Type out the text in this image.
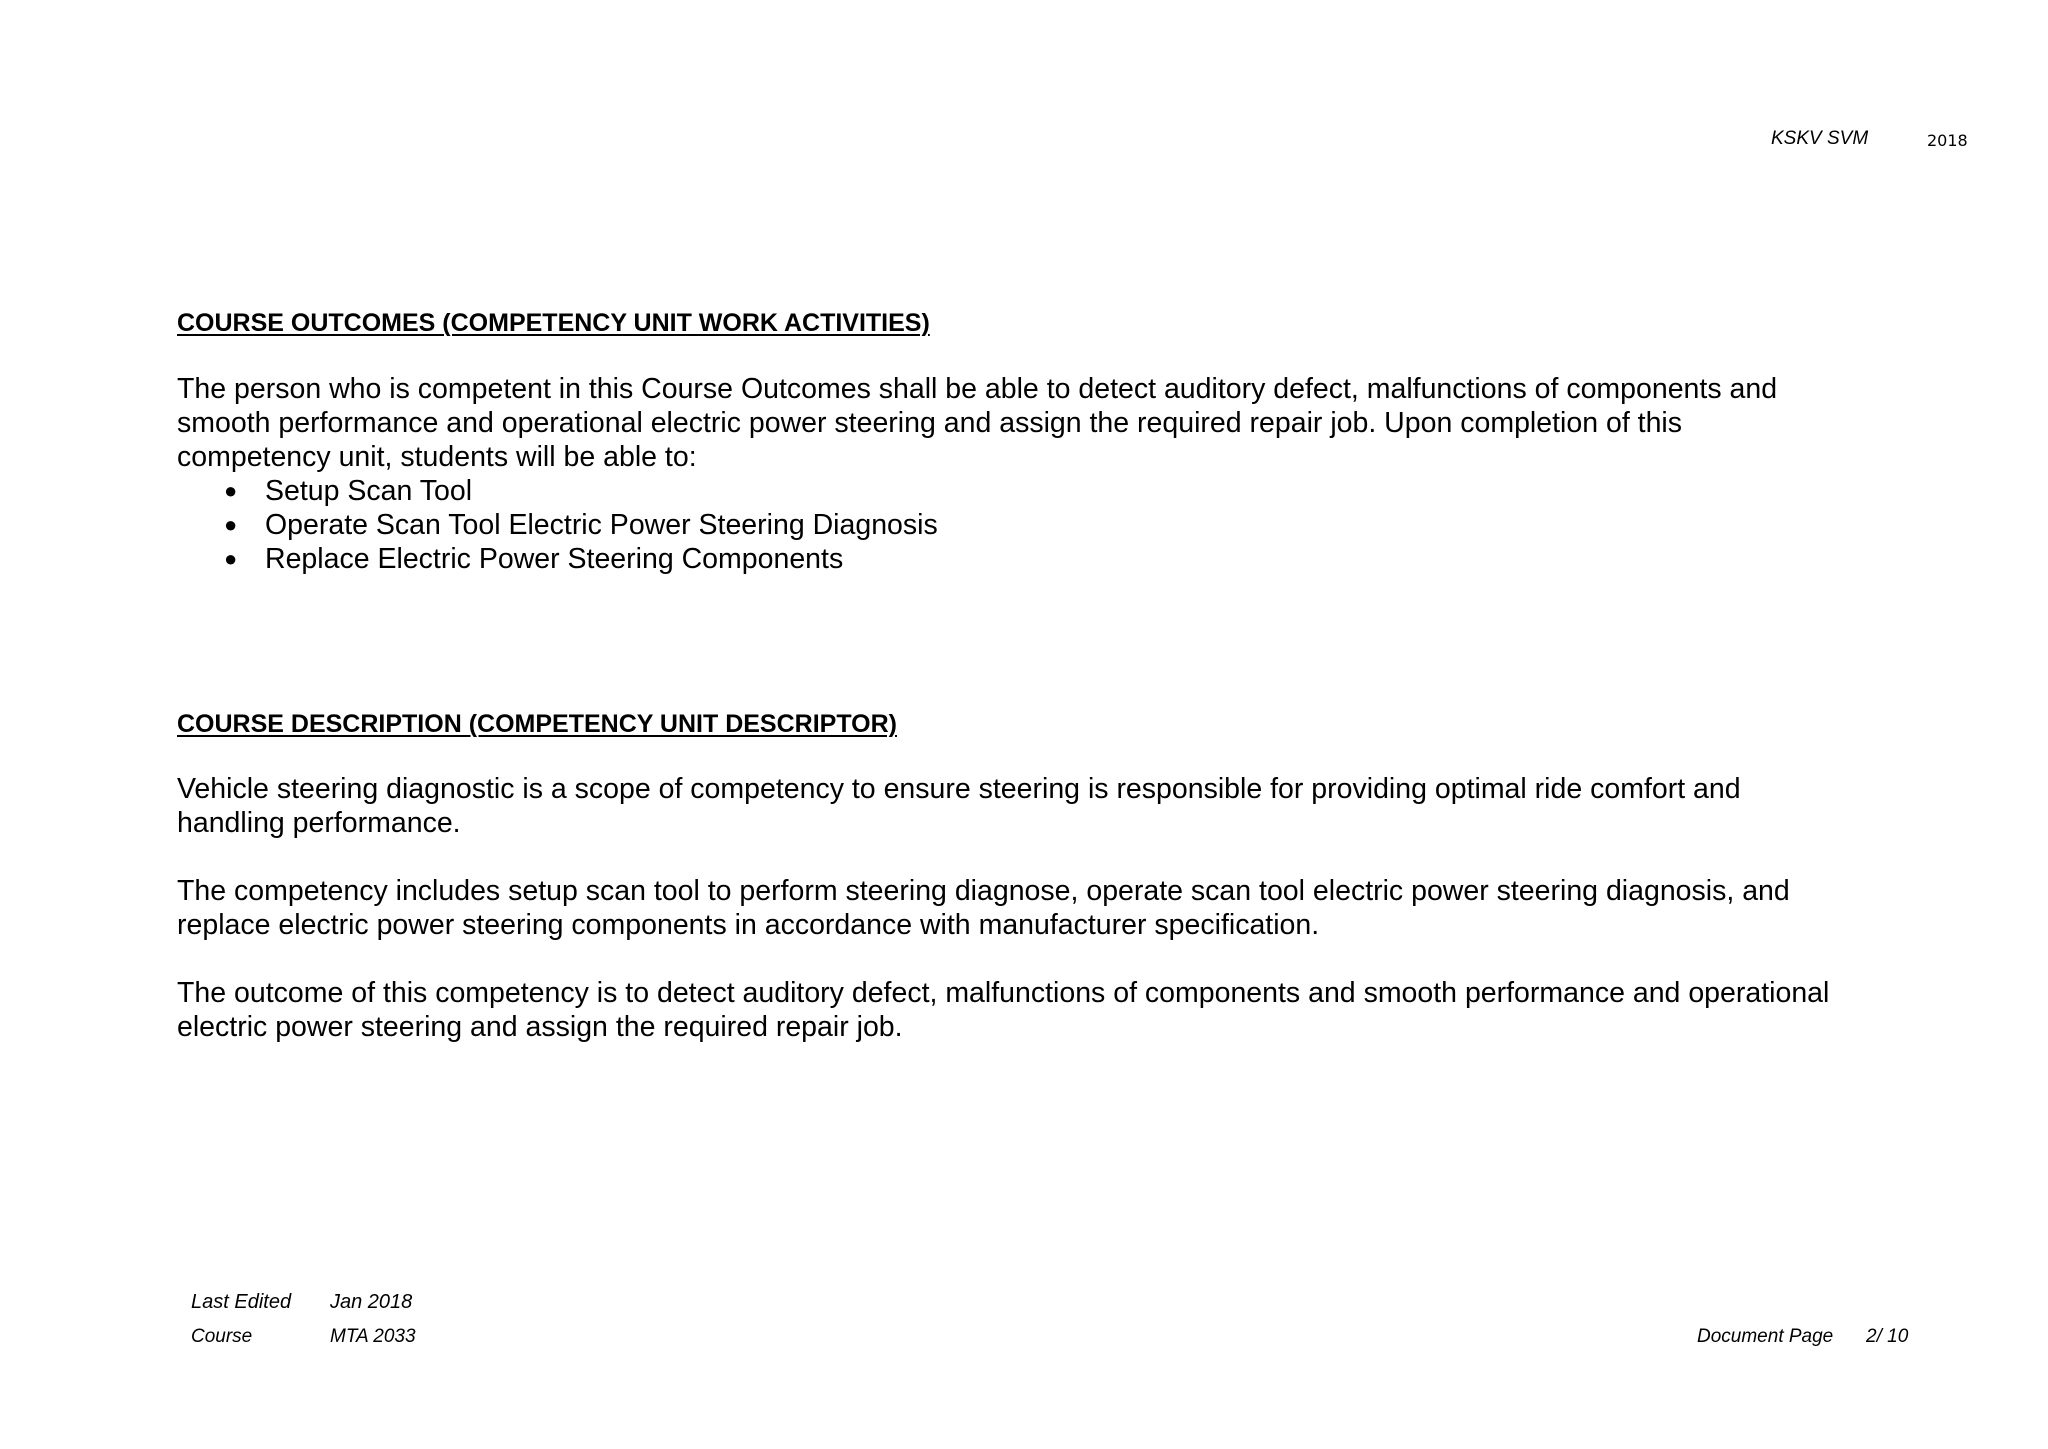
KSKV SVM	2018
COURSE OUTCOMES (COMPETENCY UNIT WORK ACTIVITIES)
The person who is competent in this Course Outcomes shall be able to detect auditory defect, malfunctions of components and
smooth performance and operational electric power steering and assign the required repair job. Upon completion of this
competency unit, students will be able to:
● Setup Scan Tool
● Operate Scan Tool Electric Power Steering Diagnosis
● Replace Electric Power Steering Components
COURSE DESCRIPTION (COMPETENCY UNIT DESCRIPTOR)
Vehicle steering diagnostic is a scope of competency to ensure steering is responsible for providing optimal ride comfort and
handling performance.
The competency includes setup scan tool to perform steering diagnose, operate scan tool electric power steering diagnosis, and
replace electric power steering components in accordance with manufacturer specification.
The outcome of this competency is to detect auditory defect, malfunctions of components and smooth performance and operational
electric power steering and assign the required repair job.
Last Edited Jan 2018
Course	MTA 2033	Document Page 2/ 10
